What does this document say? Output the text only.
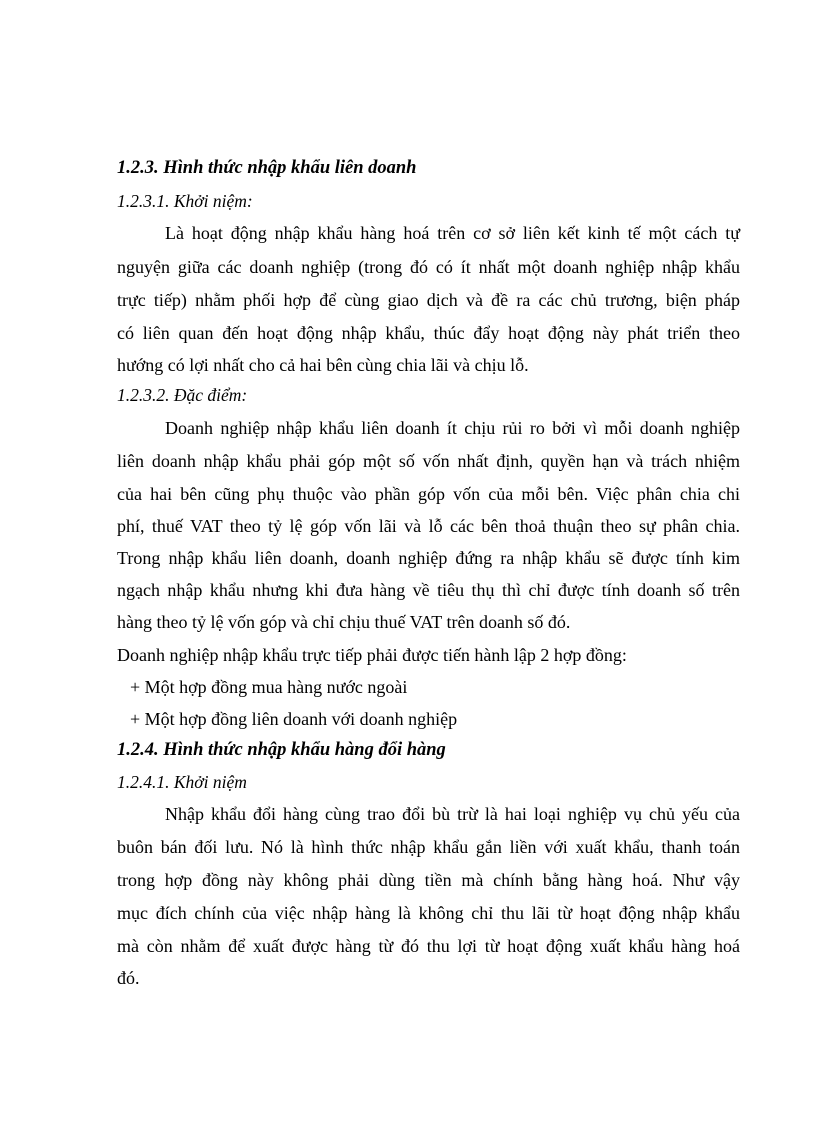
1.2.3. Hình thức nhập khẩu liên doanh
1.2.3.1. Khởi niệm:
Là hoạt động nhập khẩu hàng hoá trên cơ sở liên kết kinh tế một cách tự
nguyện giữa các doanh nghiệp (trong đó có ít nhất một doanh nghiệp nhập khẩu
trực tiếp) nhằm phối hợp để cùng giao dịch và đề ra các chủ trương, biện pháp
có liên quan đến hoạt động nhập khẩu, thúc đẩy hoạt động này phát triển theo
hướng có lợi nhất cho cả hai bên cùng chia lãi và chịu lỗ.
1.2.3.2. Đặc điểm:
Doanh nghiệp nhập khẩu liên doanh ít chịu rủi ro bởi vì mỗi doanh nghiệp
liên doanh nhập khẩu phải góp một số vốn nhất định, quyền hạn và trách nhiệm
của hai bên cũng phụ thuộc vào phần góp vốn của mỗi bên. Việc phân chia chi
phí, thuế VAT theo tỷ lệ góp vốn lãi và lỗ các bên thoả thuận theo sự phân chia.
Trong nhập khẩu liên doanh, doanh nghiệp đứng ra nhập khẩu sẽ được tính kim
ngạch nhập khẩu nhưng khi đưa hàng về tiêu thụ thì chỉ được tính doanh số trên
hàng theo tỷ lệ vốn góp và chỉ chịu thuế VAT trên doanh số đó.
Doanh nghiệp nhập khẩu trực tiếp phải được tiến hành lập 2 hợp đồng:
+ Một hợp đồng mua hàng nước ngoài
+ Một hợp đồng liên doanh với doanh nghiệp
1.2.4. Hình thức nhập khẩu hàng đổi hàng
1.2.4.1. Khởi niệm
Nhập khẩu đổi hàng cùng trao đổi bù trừ là hai loại nghiệp vụ chủ yếu của
buôn bán đối lưu. Nó là hình thức nhập khẩu gắn liền với xuất khẩu, thanh toán
trong hợp đồng này không phải dùng tiền mà chính bằng hàng hoá. Như vậy
mục đích chính của việc nhập hàng là không chỉ thu lãi từ hoạt động nhập khẩu
mà còn nhằm để xuất được hàng từ đó thu lợi từ hoạt động xuất khẩu hàng hoá
đó.
